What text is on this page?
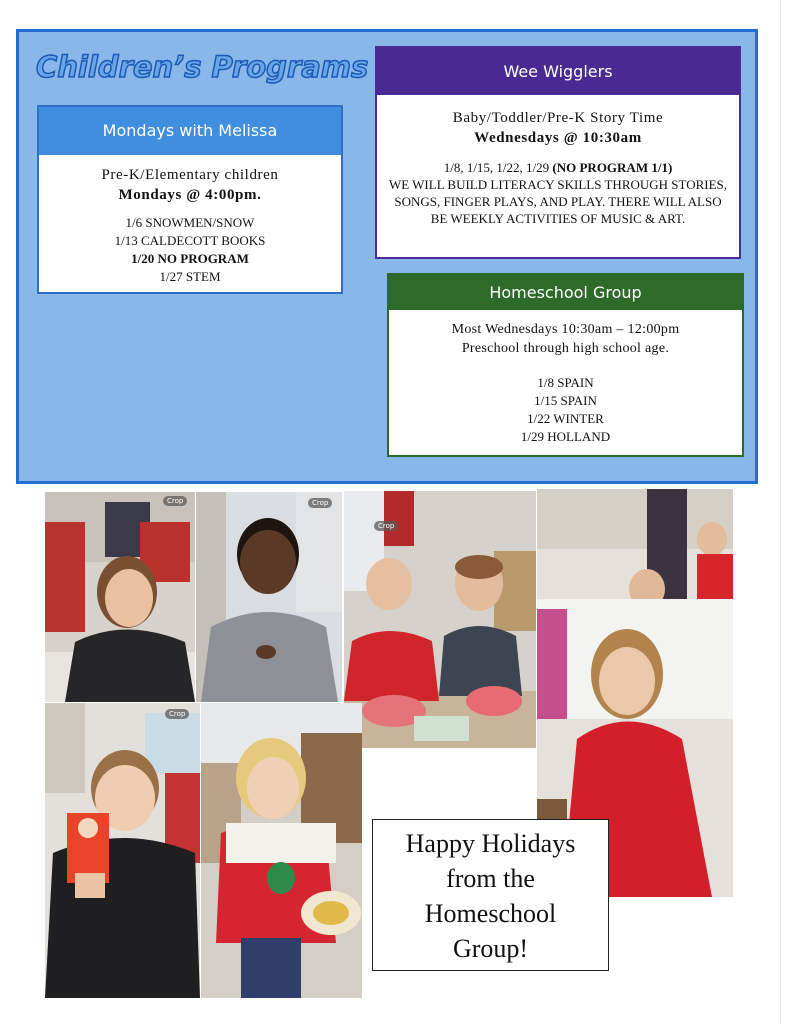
Children’s Programs
Mondays with Melissa
Pre-K/Elementary children
Mondays @ 4:00pm.
1/6 SNOWMEN/SNOW
1/13 CALDECOTT BOOKS
1/20 NO PROGRAM
1/27 STEM
Wee Wigglers
Baby/Toddler/Pre-K Story Time
Wednesdays @ 10:30am
1/8, 1/15, 1/22, 1/29 (NO PROGRAM 1/1)
WE WILL BUILD LITERACY SKILLS THROUGH STORIES, SONGS, FINGER PLAYS, AND PLAY. THERE WILL ALSO BE WEEKLY ACTIVITIES OF MUSIC & ART.
Homeschool Group
Most Wednesdays 10:30am – 12:00pm
Preschool through high school age.
1/8 SPAIN
1/15 SPAIN
1/22 WINTER
1/29 HOLLAND
Crop	Crop
Crop
Crop
Happy Holidays
from the
Homeschool
Group!
